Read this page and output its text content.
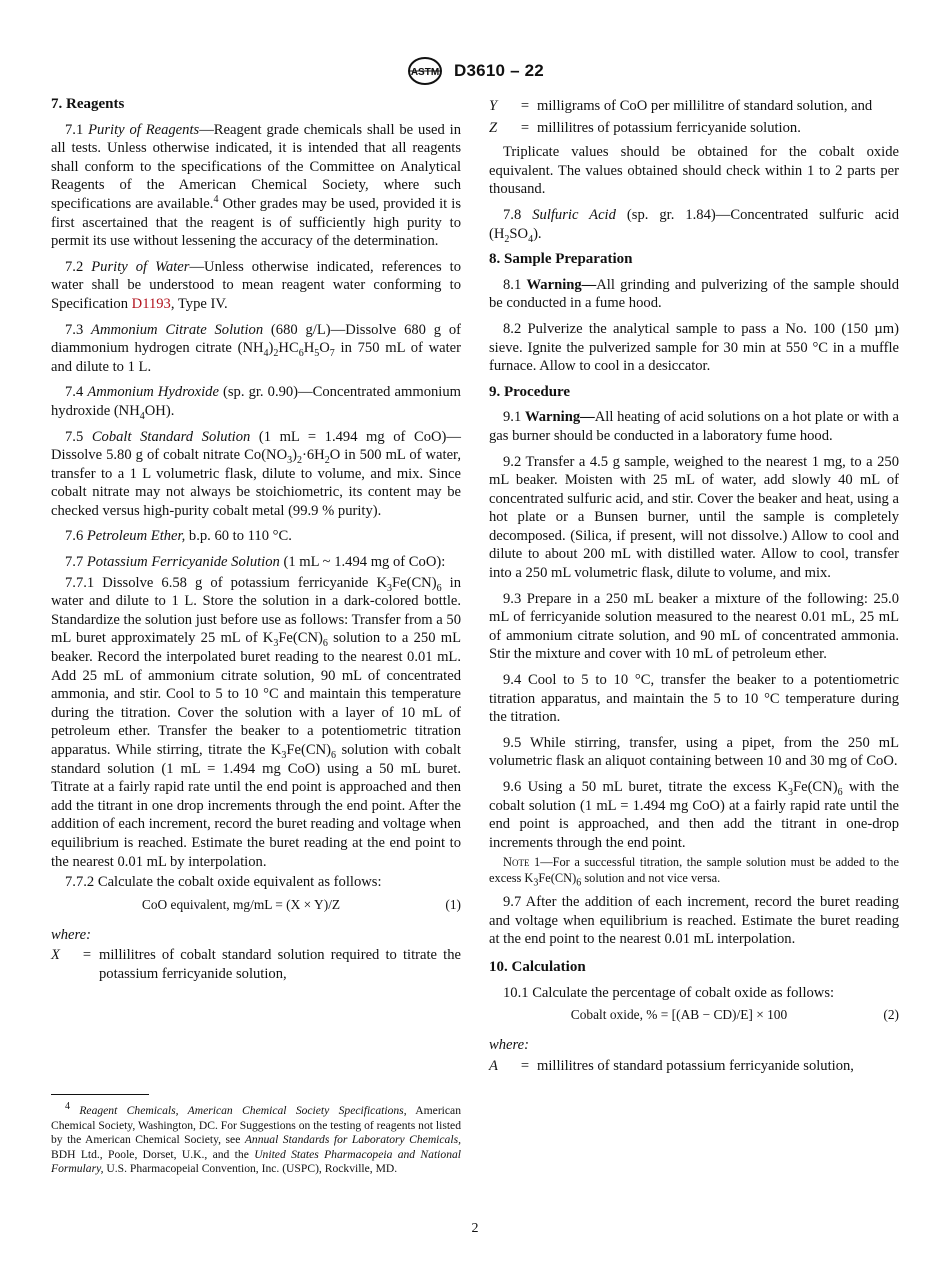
ASTM D3610 – 22
7. Reagents

7.1 Purity of Reagents—Reagent grade chemicals shall be used in all tests. Unless otherwise indicated, it is intended that all reagents shall conform to the specifications of the Committee on Analytical Reagents of the American Chemical Society, where such specifications are available.$^4$ Other grades may be used, provided it is first ascertained that the reagent is of sufficiently high purity to permit its use without lessening the accuracy of the determination.

7.2 Purity of Water—Unless otherwise indicated, references to water shall be understood to mean reagent water conforming to Specification D1193, Type IV.

7.3 Ammonium Citrate Solution (680 g/L)—Dissolve 680 g of diammonium hydrogen citrate $(NH_4)_2HC_6H_5O_7$ in 750 mL of water and dilute to 1 L.

7.4 Ammonium Hydroxide (sp. gr. 0.90)—Concentrated ammonium hydroxide $(NH_4OH)$.

7.5 Cobalt Standard Solution (1 mL = 1.494 mg of CoO)—Dissolve 5.80 g of cobalt nitrate $Co(NO_3)_2\cdot 6H_2O$ in 500 mL of water, transfer to a 1 L volumetric flask, dilute to volume, and mix. Since cobalt nitrate may not always be stoichiometric, its content may be checked versus high-purity cobalt metal (99.9 % purity).

7.6 Petroleum Ether, b.p. 60 to 110 °C.

7.7 Potassium Ferricyanide Solution (1 mL ~ 1.494 mg of CoO):

7.7.1 Dissolve 6.58 g of potassium ferricyanide $K_3Fe(CN)_6$ in water and dilute to 1 L. Store the solution in a dark-colored bottle. Standardize the solution just before use as follows: Transfer from a 50 mL buret approximately 25 mL of $K_3Fe(CN)_6$ solution to a 250 mL beaker. Record the interpolated buret reading to the nearest 0.01 mL. Add 25 mL of ammonium citrate solution, 90 mL of concentrated ammonia, and stir. Cool to 5 to 10 °C and maintain this temperature during the titration. Cover the solution with a layer of 10 mL of petroleum ether. Transfer the beaker to a potentiometric titration apparatus. While stirring, titrate the $K_3Fe(CN)_6$ solution with cobalt standard solution (1 mL = 1.494 mg CoO) using a 50 mL buret. Titrate at a fairly rapid rate until the end point is approached and then add the titrant in one drop increments through the end point. After the addition of each increment, record the buret reading and voltage when equilibrium is reached. Estimate the buret reading at the end point to the nearest 0.01 mL by interpolation.

7.7.2 Calculate the cobalt oxide equivalent as follows:

CoO equivalent, mg/mL = (X × Y)/Z	(1)
where:
X	= millilitres of cobalt standard solution required to titrate the potassium ferricyanide solution,
$^4$ Reagent Chemicals, American Chemical Society Specifications, American Chemical Society, Washington, DC. For Suggestions on the testing of reagents not listed by the American Chemical Society, see Annual Standards for Laboratory Chemicals, BDH Ltd., Poole, Dorset, U.K., and the United States Pharmacopeia and National Formulary, U.S. Pharmacopeial Convention, Inc. (USPC), Rockville, MD.
Y	= milligrams of CoO per millilitre of standard solution, and
Z	= millilitres of potassium ferricyanide solution.

Triplicate values should be obtained for the cobalt oxide equivalent. The values obtained should check within 1 to 2 parts per thousand.

7.8 Sulfuric Acid (sp. gr. 1.84)—Concentrated sulfuric acid $(H_2SO_4)$.

8. Sample Preparation

8.1 Warning—All grinding and pulverizing of the sample should be conducted in a fume hood.

8.2 Pulverize the analytical sample to pass a No. 100 (150 µm) sieve. Ignite the pulverized sample for 30 min at 550 °C in a muffle furnace. Allow to cool in a desiccator.

9. Procedure

9.1 Warning—All heating of acid solutions on a hot plate or with a gas burner should be conducted in a laboratory fume hood.

9.2 Transfer a 4.5 g sample, weighed to the nearest 1 mg, to a 250 mL beaker. Moisten with 25 mL of water, add slowly 40 mL of concentrated sulfuric acid, and stir. Cover the beaker and heat, using a hot plate or a Bunsen burner, until the sample is completely decomposed. (Silica, if present, will not dissolve.) Allow to cool and dilute to about 200 mL with distilled water. Allow to cool, transfer into a 250 mL volumetric flask, dilute to volume, and mix.

9.3 Prepare in a 250 mL beaker a mixture of the following: 25.0 mL of ferricyanide solution measured to the nearest 0.01 mL, 25 mL of ammonium citrate solution, and 90 mL of concentrated ammonia. Stir the mixture and cover with 10 mL of petroleum ether.

9.4 Cool to 5 to 10 °C, transfer the beaker to a potentiometric titration apparatus, and maintain the 5 to 10 °C temperature during the titration.

9.5 While stirring, transfer, using a pipet, from the 250 mL volumetric flask an aliquot containing between 10 and 30 mg of CoO.

9.6 Using a 50 mL buret, titrate the excess $K_3Fe(CN)_6$ with the cobalt solution (1 mL = 1.494 mg CoO) at a fairly rapid rate until the end point is approached, and then add the titrant in one-drop increments through the end point.

Note 1—For a successful titration, the sample solution must be added to the excess $K_3Fe(CN)_6$ solution and not vice versa.

9.7 After the addition of each increment, record the buret reading and voltage when equilibrium is reached. Estimate the buret reading at the end point to the nearest 0.01 mL interpolation.

10. Calculation

10.1 Calculate the percentage of cobalt oxide as follows:

Cobalt oxide, % = [(AB − CD)/E] × 100	(2)
where:
A	= millilitres of standard potassium ferricyanide solution,
2
